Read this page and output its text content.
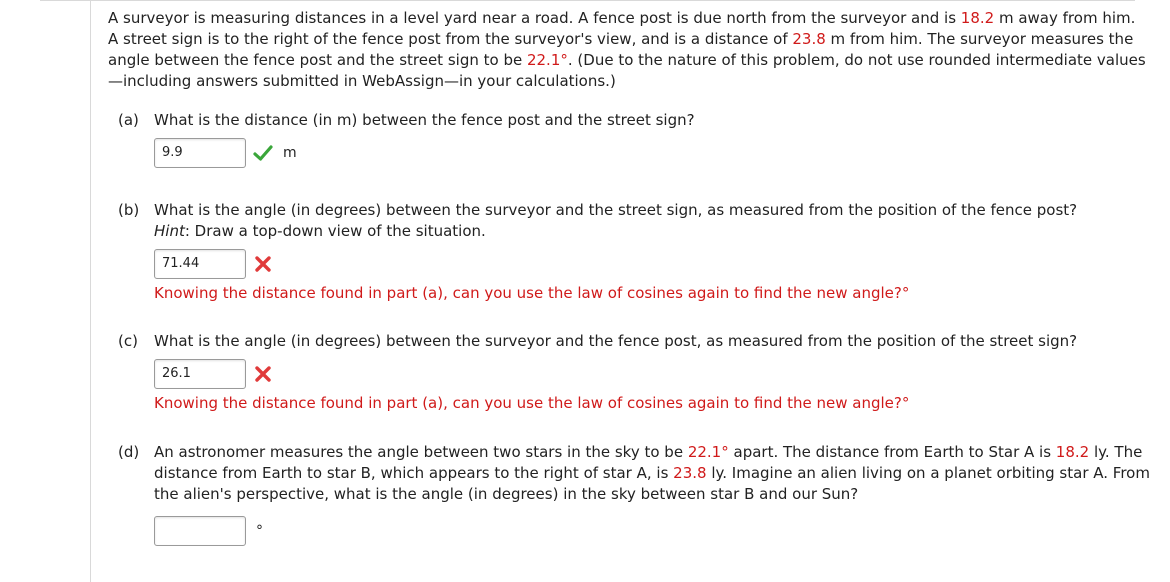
A surveyor is measuring distances in a level yard near a road. A fence post is due north from the surveyor and is 18.2 m away from him. A street sign is to the right of the fence post from the surveyor's view, and is a distance of 23.8 m from him. The surveyor measures the angle between the fence post and the street sign to be 22.1°. (Due to the nature of this problem, do not use rounded intermediate values—including answers submitted in WebAssign—in your calculations.)

(a) What is the distance (in m) between the fence post and the street sign?
9.9	m
(b) What is the angle (in degrees) between the surveyor and the street sign, as measured from the position of the fence post?
Hint: Draw a top-down view of the situation.
71.44
Knowing the distance found in part (a), can you use the law of cosines again to find the new angle?°
(c) What is the angle (in degrees) between the surveyor and the fence post, as measured from the position of the street sign?
26.1
Knowing the distance found in part (a), can you use the law of cosines again to find the new angle?°
(d) An astronomer measures the angle between two stars in the sky to be 22.1° apart. The distance from Earth to Star A is 18.2 ly. The distance from Earth to star B, which appears to the right of star A, is 23.8 ly. Imagine an alien living on a planet orbiting star A. From the alien's perspective, what is the angle (in degrees) in the sky between star B and our Sun?
°
